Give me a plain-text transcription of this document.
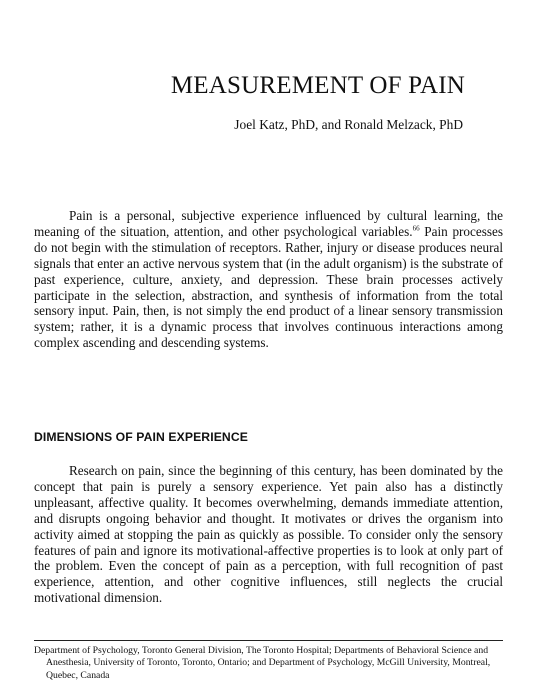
MEASUREMENT OF PAIN

Joel Katz, PhD, and Ronald Melzack, PhD

Pain is a personal, subjective experience influenced by cultural learning, the meaning of the situation, attention, and other psychological variables.$^{66}$ Pain processes do not begin with the stimulation of receptors. Rather, injury or disease produces neural signals that enter an active nervous system that (in the adult organism) is the substrate of past experience, culture, anxiety, and depression. These brain processes actively participate in the selection, abstraction, and synthesis of information from the total sensory input. Pain, then, is not simply the end product of a linear sensory transmission system; rather, it is a dynamic process that involves continuous interactions among complex ascending and descending systems.

DIMENSIONS OF PAIN EXPERIENCE

Research on pain, since the beginning of this century, has been dominated by the concept that pain is purely a sensory experience. Yet pain also has a distinctly unpleasant, affective quality. It becomes overwhelming, demands immediate attention, and disrupts ongoing behavior and thought. It motivates or drives the organism into activity aimed at stopping the pain as quickly as possible. To consider only the sensory features of pain and ignore its motivational-affective properties is to look at only part of the problem. Even the concept of pain as a perception, with full recognition of past experience, attention, and other cognitive influences, still neglects the crucial motivational dimension.

Department of Psychology, Toronto General Division, The Toronto Hospital; Departments of Behavioral Science and Anesthesia, University of Toronto, Toronto, Ontario; and Department of Psychology, McGill University, Montreal, Quebec, Canada
